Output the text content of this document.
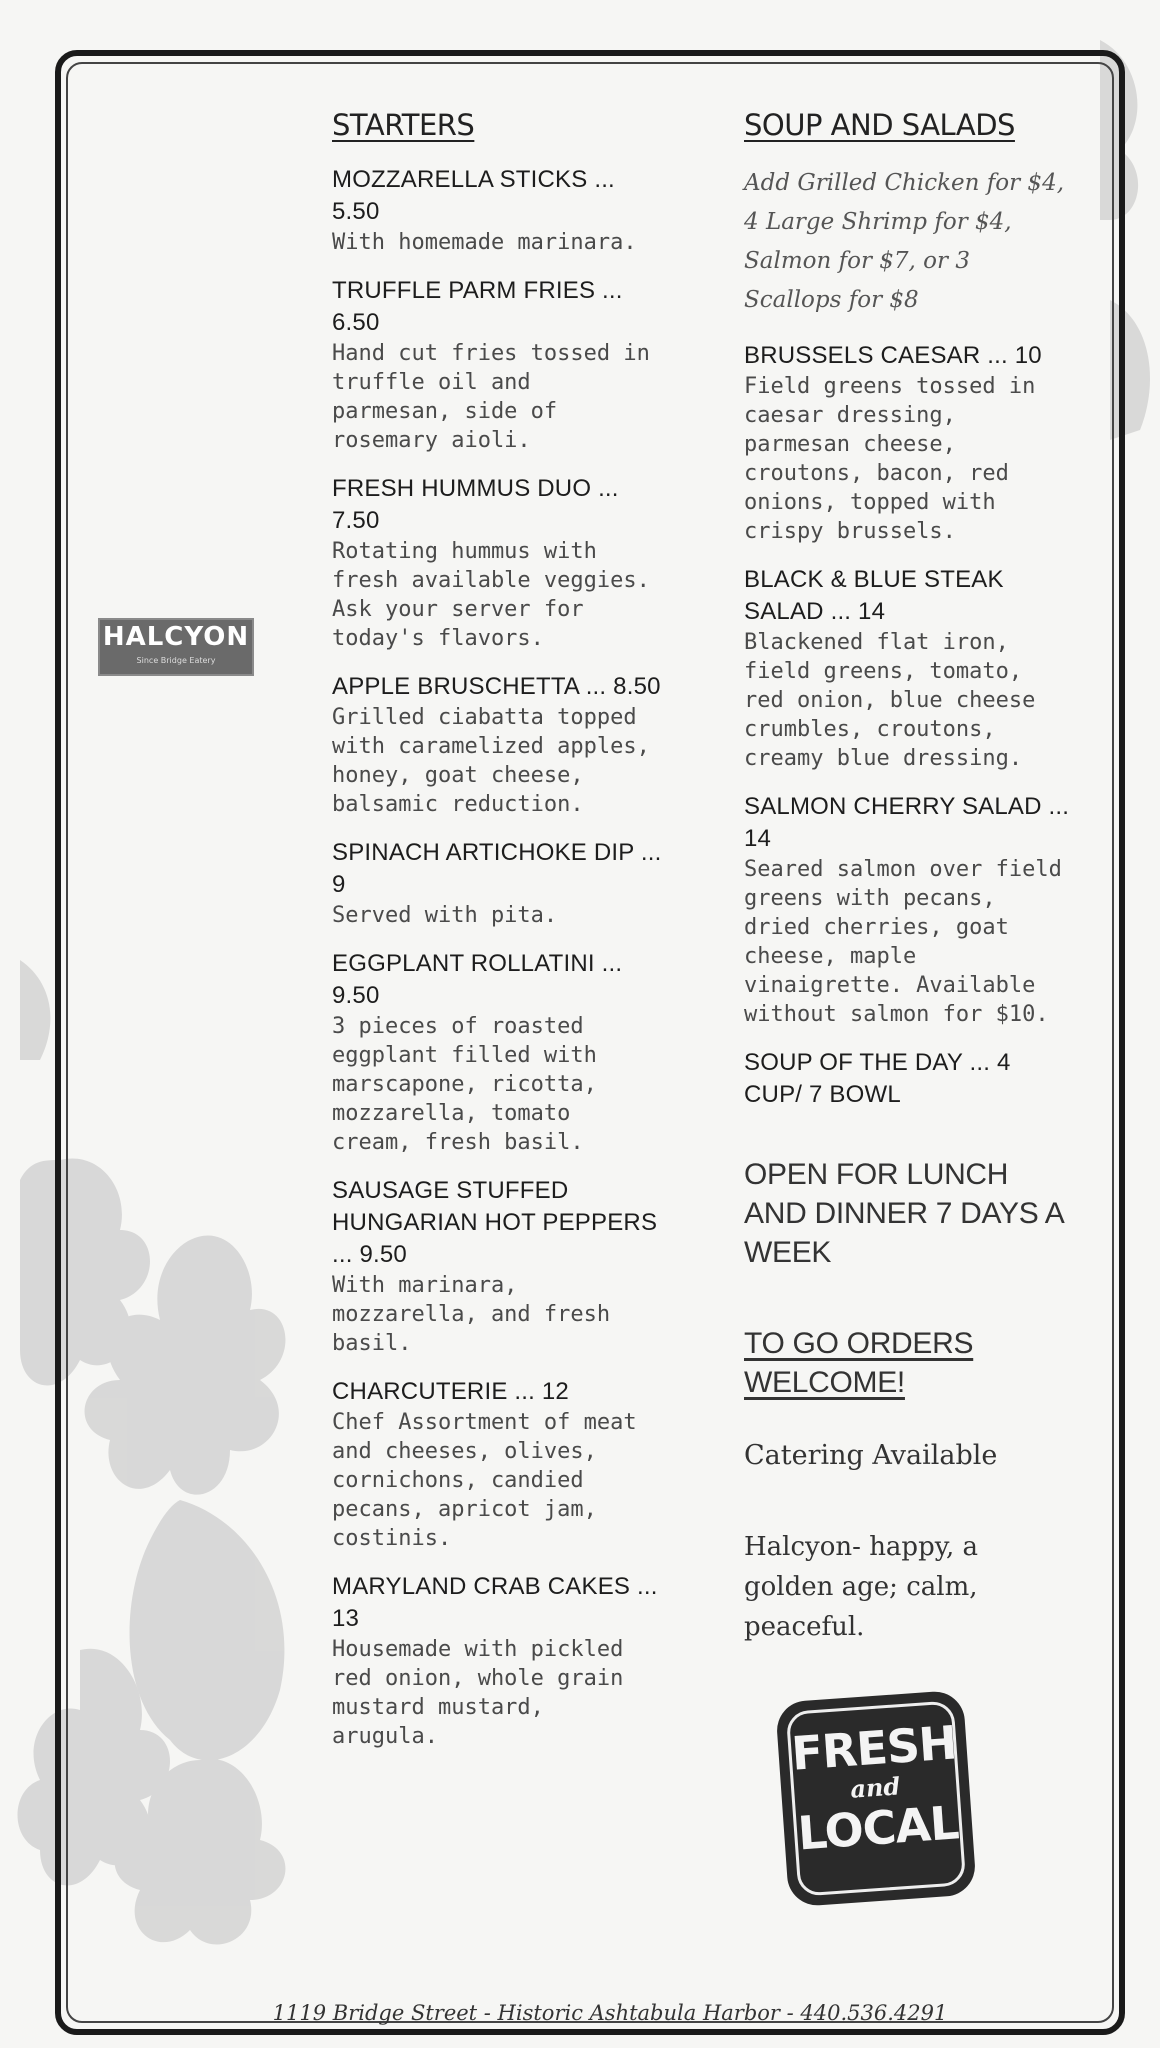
HALCYON
Since Bridge Eatery
STARTERS
MOZZARELLA STICKS ... 5.50
With homemade marinara.
TRUFFLE PARM FRIES ... 6.50
Hand cut fries tossed in truffle oil and parmesan, side of rosemary aioli.
FRESH HUMMUS DUO ... 7.50
Rotating hummus with fresh available veggies. Ask your server for today's flavors.
APPLE BRUSCHETTA ... 8.50
Grilled ciabatta topped with caramelized apples, honey, goat cheese, balsamic reduction.
SPINACH ARTICHOKE DIP ... 9
Served with pita.
EGGPLANT ROLLATINI ... 9.50
3 pieces of roasted eggplant filled with marscapone, ricotta, mozzarella, tomato cream, fresh basil.
SAUSAGE STUFFED HUNGARIAN HOT PEPPERS ... 9.50
With marinara, mozzarella, and fresh basil.
CHARCUTERIE ... 12
Chef Assortment of meat and cheeses, olives, cornichons, candied pecans, apricot jam, costinis.
MARYLAND CRAB CAKES ... 13
Housemade with pickled red onion, whole grain mustard mustard, arugula.
SOUP AND SALADS

Add Grilled Chicken for $4, 4 Large Shrimp for $4, Salmon for $7, or 3 Scallops for $8

BRUSSELS CAESAR ... 10
Field greens tossed in caesar dressing, parmesan cheese, croutons, bacon, red onions, topped with crispy brussels.
BLACK & BLUE STEAK SALAD ... 14
Blackened flat iron, field greens, tomato, red onion, blue cheese crumbles, croutons, creamy blue dressing.
SALMON CHERRY SALAD ... 14
Seared salmon over field greens with pecans, dried cherries, goat cheese, maple vinaigrette. Available without salmon for $10.
SOUP OF THE DAY ... 4 CUP/ 7 BOWL
OPEN FOR LUNCH AND DINNER 7 DAYS A WEEK
TO GO ORDERS WELCOME!
Catering Available
Halcyon- happy, a golden age; calm, peaceful.
FRESH
and
LOCAL
1119 Bridge Street - Historic Ashtabula Harbor - 440.536.4291
